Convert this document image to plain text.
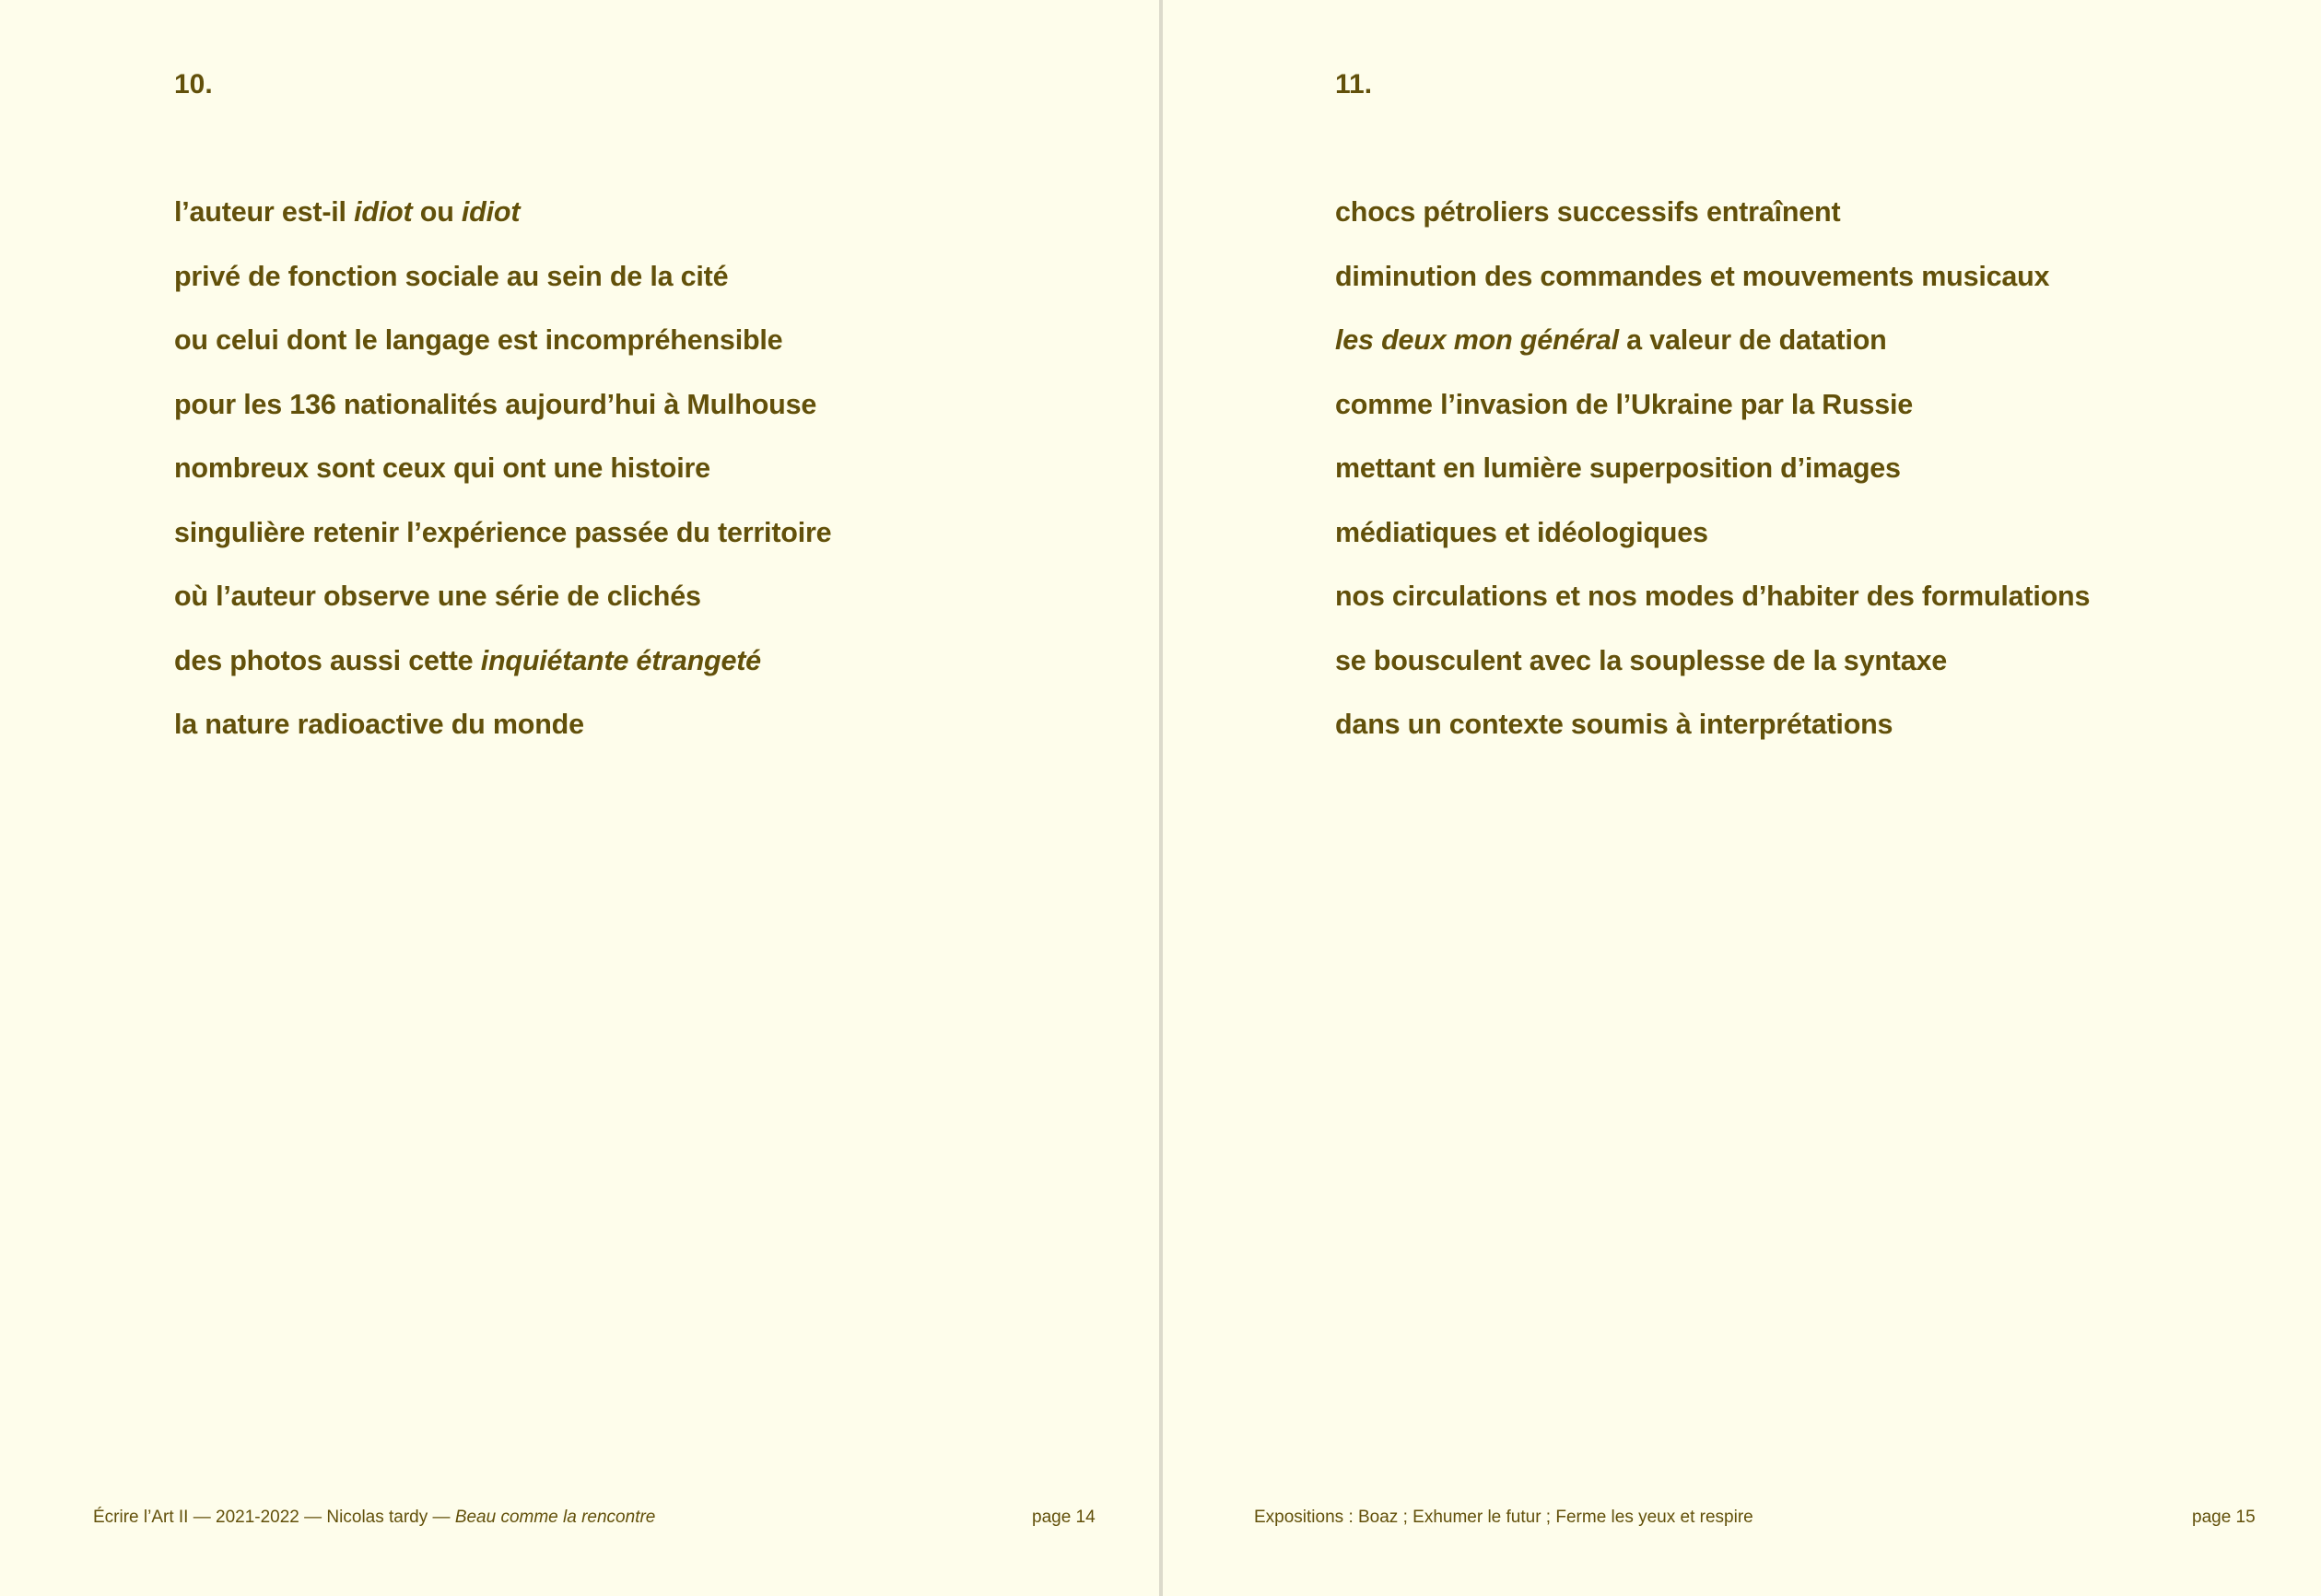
10.
l’auteur est-il idiot ou idiot
privé de fonction sociale au sein de la cité
ou celui dont le langage est incompréhensible
pour les 136 nationalités aujourd’hui à Mulhouse
nombreux sont ceux qui ont une histoire
singulière retenir l’expérience passée du territoire
où l’auteur observe une série de clichés
des photos aussi cette inquiétante étrangeté
la nature radioactive du monde
Écrire l’Art II — 2021-2022 — Nicolas tardy — Beau comme la rencontre	page 14
11.
chocs pétroliers successifs entraînent
diminution des commandes et mouvements musicaux
les deux mon général a valeur de datation
comme l’invasion de l’Ukraine par la Russie
mettant en lumière superposition d’images
médiatiques et idéologiques
nos circulations et nos modes d’habiter des formulations
se bousculent avec la souplesse de la syntaxe
dans un contexte soumis à interprétations
Expositions : Boaz ; Exhumer le futur ; Ferme les yeux et respire	page 15
